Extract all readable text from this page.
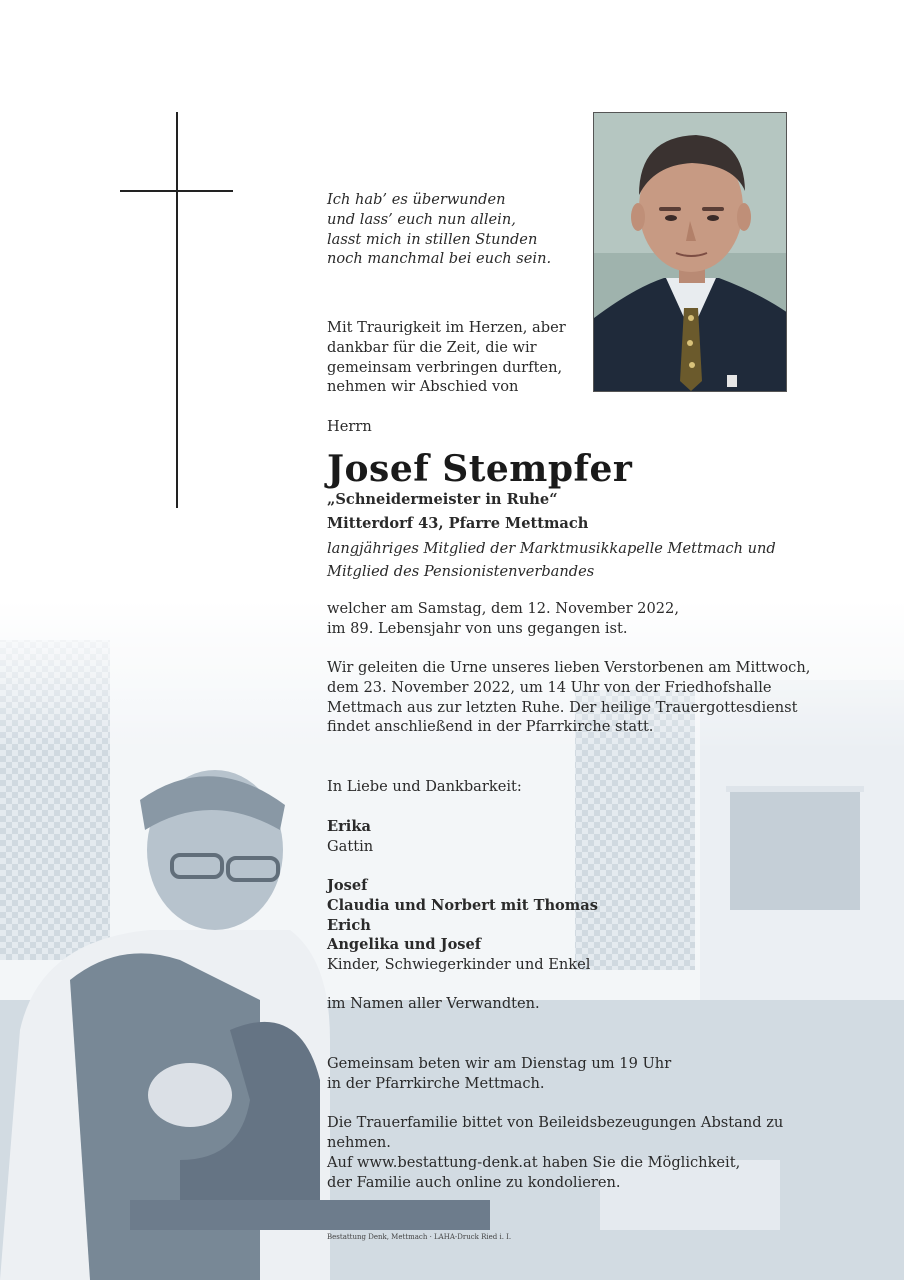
Ich hab’ es überwunden
und lass’ euch nun allein,
lasst mich in stillen Stunden
noch manchmal bei euch sein.
Mit Traurigkeit im Herzen, aber
dankbar für die Zeit, die wir
gemeinsam verbringen durften,
nehmen wir Abschied von
Herrn
Josef Stempfer
„Schneidermeister in Ruhe“
Mitterdorf 43, Pfarre Mettmach
langjähriges Mitglied der Marktmusikkapelle Mettmach und
Mitglied des Pensionistenverbandes
welcher am Samstag, dem 12. November 2022,
im 89. Lebensjahr von uns gegangen ist.
Wir geleiten die Urne unseres lieben Verstorbenen am Mittwoch,
dem 23. November 2022, um 14 Uhr von der Friedhofshalle
Mettmach aus zur letzten Ruhe. Der heilige Trauergottesdienst
findet anschließend in der Pfarrkirche statt.
In Liebe und Dankbarkeit:
Erika
Gattin
Josef
Claudia und Norbert mit Thomas
Erich
Angelika und Josef
Kinder, Schwiegerkinder und Enkel
im Namen aller Verwandten.
Gemeinsam beten wir am Dienstag um 19 Uhr
in der Pfarrkirche Mettmach.
Die Trauerfamilie bittet von Beileidsbezeugungen Abstand zu nehmen.
Auf www.bestattung-denk.at haben Sie die Möglichkeit,
der Familie auch online zu kondolieren.
Bestattung Denk, Mettmach · LAHA-Druck Ried i. I.
